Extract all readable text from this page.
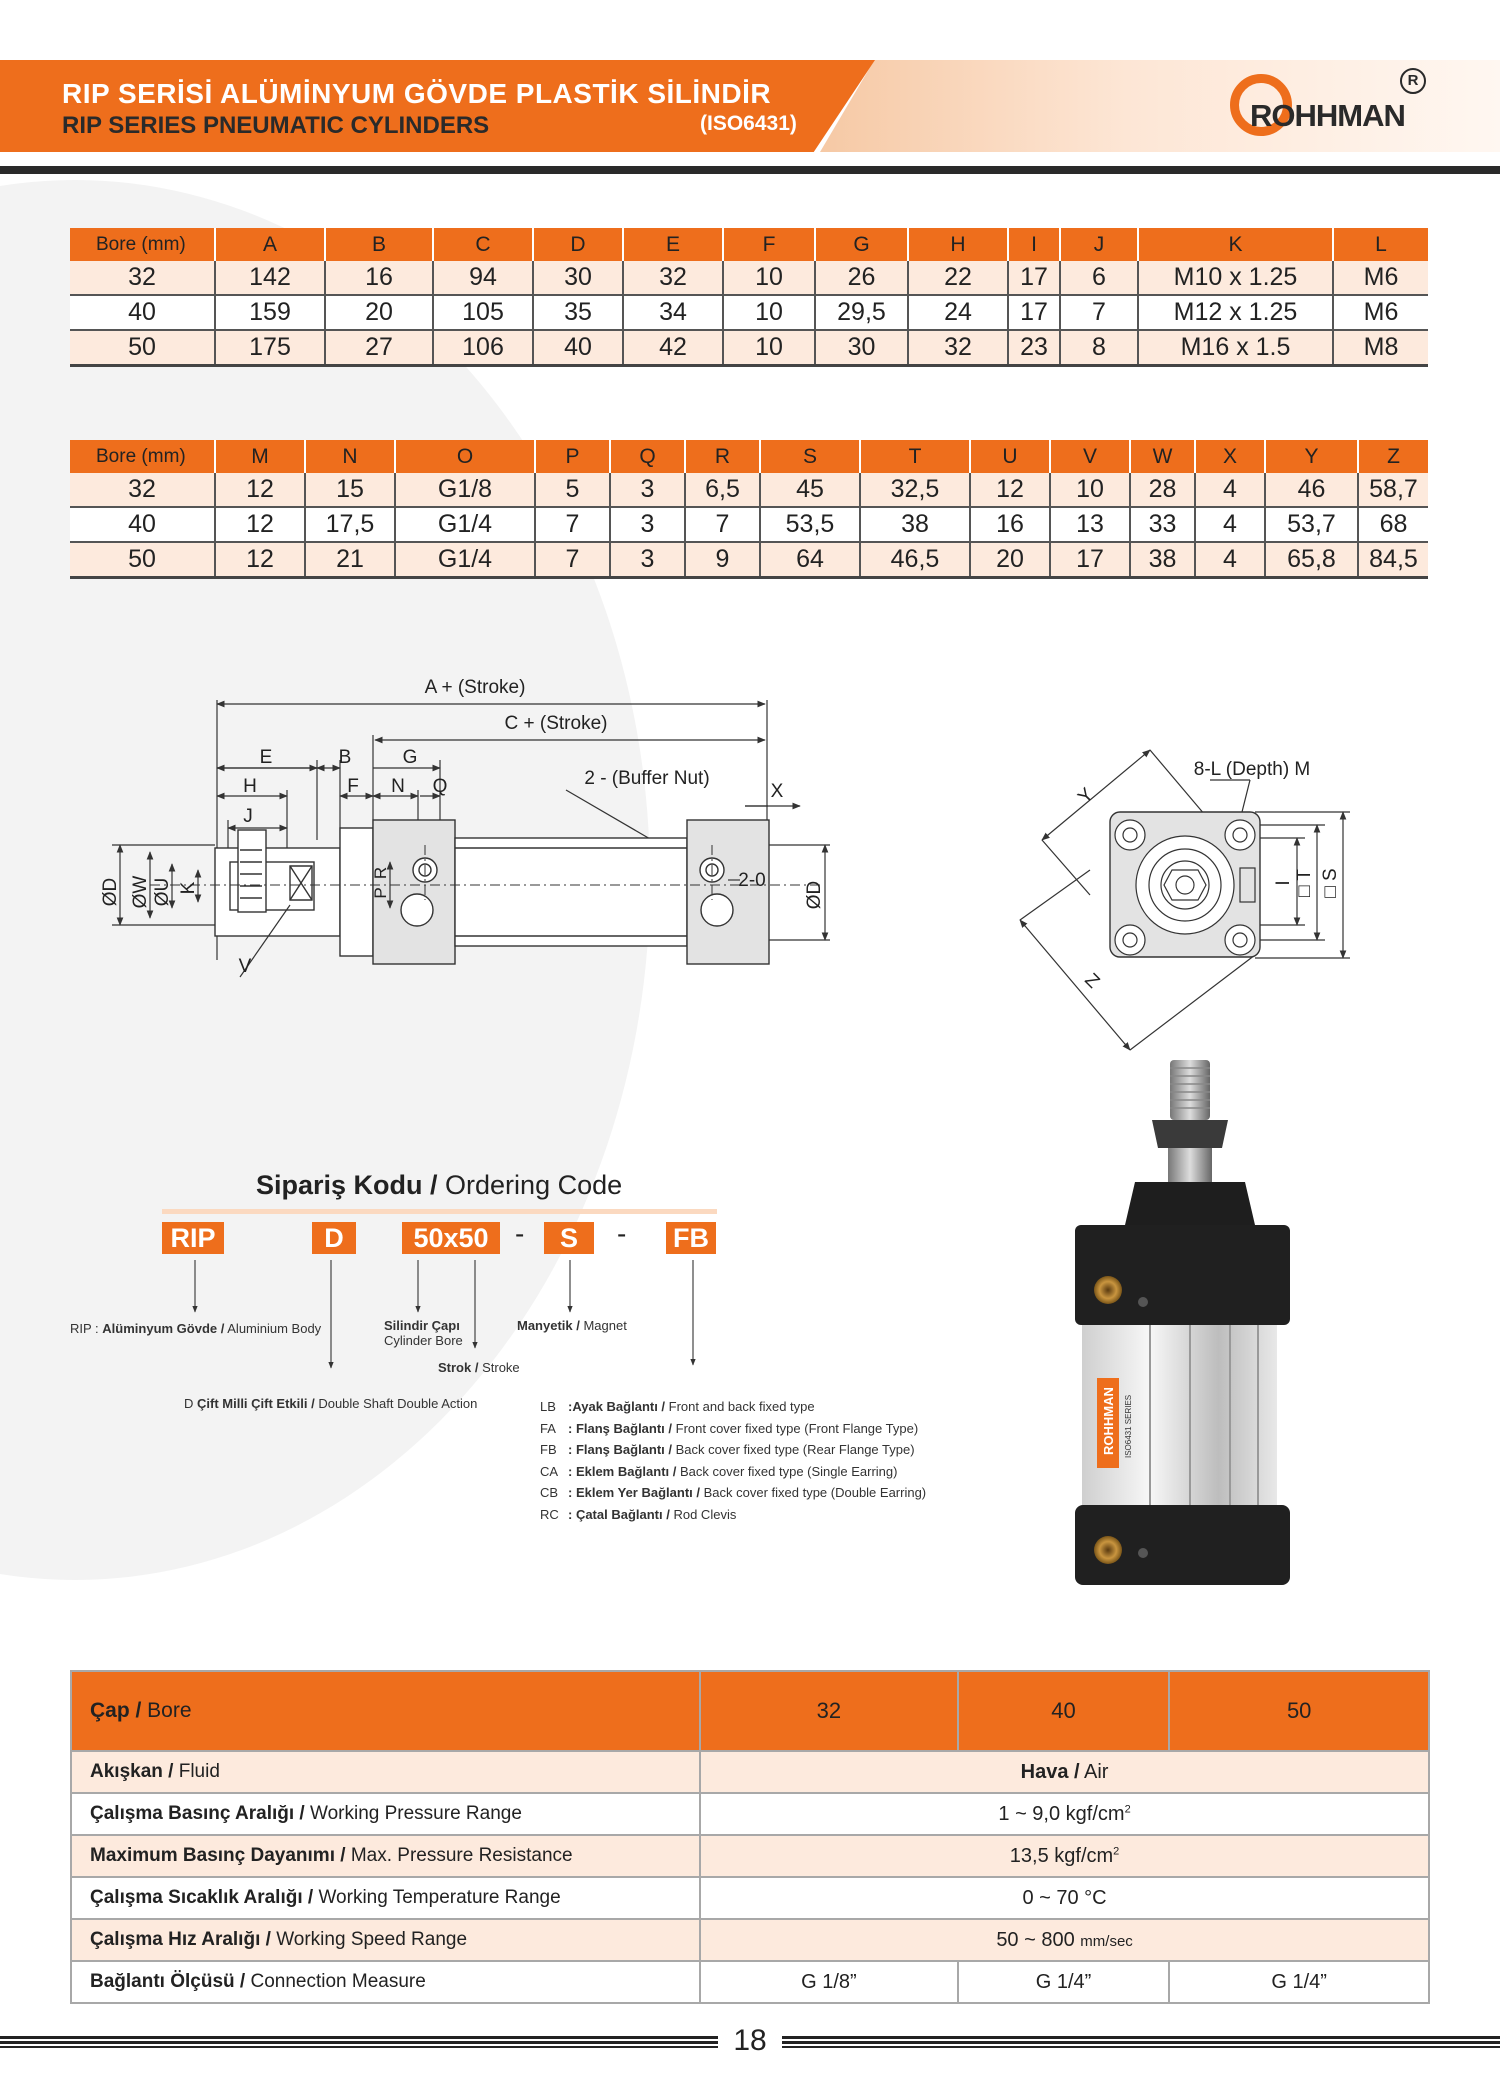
RIP SERİSİ ALÜMİNYUM GÖVDE PLASTİK SİLİNDİR
RIP SERIES PNEUMATIC CYLINDERS	(ISO6431)	ROHHMAN
R
Bore (mm)	A	B	C	D	E	F	G	H	I	J	K	L
32	142	16	94	30	32	10	26	22	17	6	M10 x 1.25	M6
40	159	20	105	35	34	10	29,5	24	17	7	M12 x 1.25	M6
50	175	27	106	40	42	10	30	32	23	8	M16 x 1.5	M8
Bore (mm)	M	N	O	P	Q	R	S	T	U	V	W	X	Y	Z
32	12	15	G1/8	5	3	6,5	45	32,5	12	10	28	4	46	58,7
40	12	17,5	G1/4	7	3	7	53,5	38	16	13	33	4	53,7	68
50	12	21	G1/4	7	3	9	64	46,5	20	17	38	4	65,8	84,5
A + (Stroke)
C + (Stroke)
E	B	G
H	F N Q	2 - (Buffer Nut)
X
J
V
2-0
ØD ØW ØU K	P
R
ØD
8-L (Depth) M
Y
Z
I □ T □ S
Sipariş Kodu / Ordering Code
RIP	D	50x50 -	S	- FB
RIP : Alüminyum Gövde / Aluminium Body	Silindir Çapı
Cylinder Bore
Strok / Stroke
Manyetik / Magnet
D Çift Milli Çift Etkili / Double Shaft Double Action	LB :Ayak Bağlantı / Front and back fixed type
FA : Flanş Bağlantı / Front cover fixed type (Front Flange Type)
FB : Flanş Bağlantı / Back cover fixed type (Rear Flange Type)
CA : Eklem Bağlantı / Back cover fixed type (Single Earring)
CB : Eklem Yer Bağlantı / Back cover fixed type (Double Earring)
RC : Çatal Bağlantı / Rod Clevis
ROHHMAN ISO6431 SERIES
Çap / Bore	32	40	50
Akışkan / Fluid	Hava / Air		
Çalışma Basınç Aralığı / Working Pressure Range	1 ~ 9,0 kgf/$cm^2$
Maximum Basınç Dayanımı / Max. Pressure Resistance	13,5 kgf/$cm^2$
Çalışma Sıcaklık Aralığı / Working Temperature Range	0 ~ 70 °C		
Çalışma Hız Aralığı / Working Speed Range	50 ~ 800 mm/sec		
Bağlantı Ölçüsü / Connection Measure	G 1/8”	G 1/4”	G 1/4”
18
